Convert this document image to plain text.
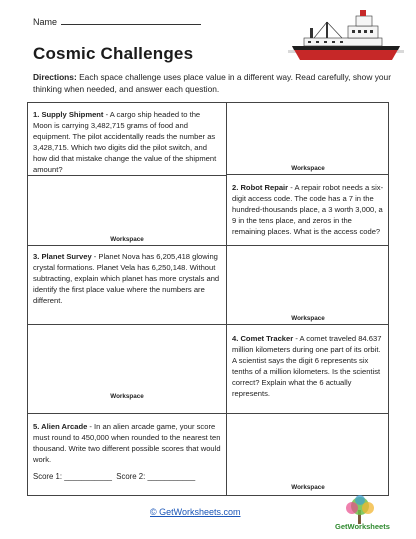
Name
Cosmic Challenges
Directions: Each space challenge uses place value in a different way. Read carefully, show your thinking when needed, and answer each question.
1. Supply Shipment - A cargo ship headed to the Moon is carrying 3,482,715 grams of food and equipment. The pilot accidentally reads the number as 3,428,715. Which two digits did the pilot switch, and how did that mistake change the value of the shipment amount?	Workspace
Workspace
2. Robot Repair - A repair robot needs a six-digit access code. The code has a 7 in the hundred-thousands place, a 3 worth 3,000, a 9 in the tens place, and zeros in the remaining places. What is the access code?
3. Planet Survey - Planet Nova has 6,205,418 glowing crystal formations. Planet Vela has 6,250,148. Without subtracting, explain which planet has more crystals and identify the first place value where the numbers are different.
Workspace
Workspace
4. Comet Tracker - A comet traveled 84.637 million kilometers during one part of its orbit. A scientist says the digit 6 represents six tenths of a million kilometers. Is the scientist correct? Explain what the 6 actually represents.
5. Alien Arcade - In an alien arcade game, your score must round to 450,000 when rounded to the nearest ten thousand. Write two different possible scores that would work.
Score 1: ___________ Score 2: ___________
Workspace
© GetWorksheets.com
GetWorksheets
